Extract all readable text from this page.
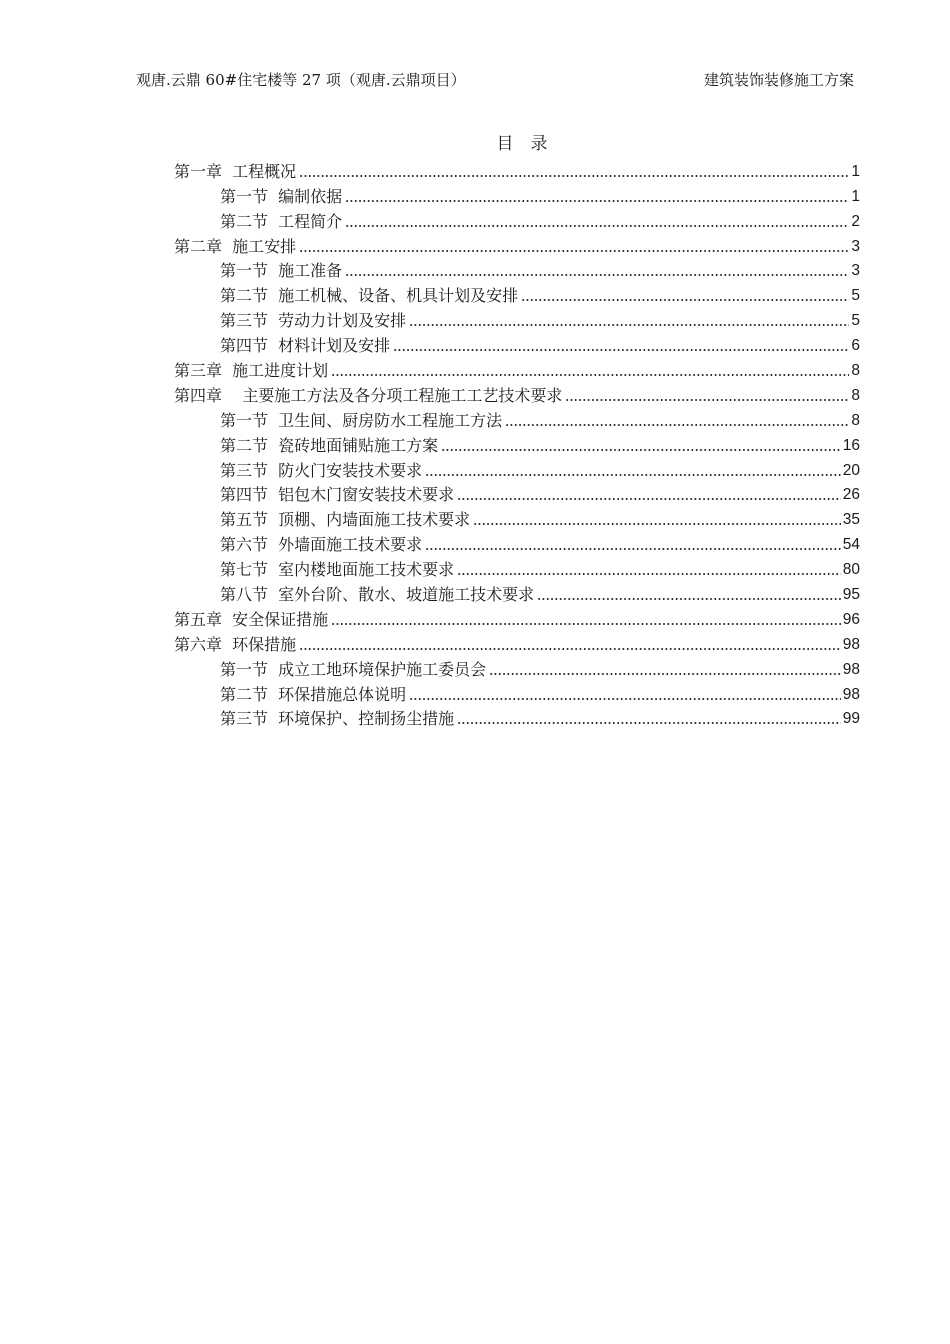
观唐.云鼎 60#住宅楼等 27 项（观唐.云鼎项目）	建筑装饰装修施工方案
目　录
第一章  工程概况	1
第一节  编制依据	1
第二节  工程简介	2
第二章  施工安排	3
第一节  施工准备	3
第二节  施工机械、设备、机具计划及安排	5
第三节  劳动力计划及安排	5
第四节  材料计划及安排	6
第三章  施工进度计划	8
第四章    主要施工方法及各分项工程施工工艺技术要求	8
第一节  卫生间、厨房防水工程施工方法	8
第二节  瓷砖地面铺贴施工方案	16
第三节  防火门安装技术要求	20
第四节  铝包木门窗安装技术要求	26
第五节  顶棚、内墙面施工技术要求	35
第六节  外墙面施工技术要求	54
第七节  室内楼地面施工技术要求	80
第八节  室外台阶、散水、坡道施工技术要求	95
第五章  安全保证措施	96
第六章  环保措施	98
第一节  成立工地环境保护施工委员会	98
第二节  环保措施总体说明	98
第三节  环境保护、控制扬尘措施	99
